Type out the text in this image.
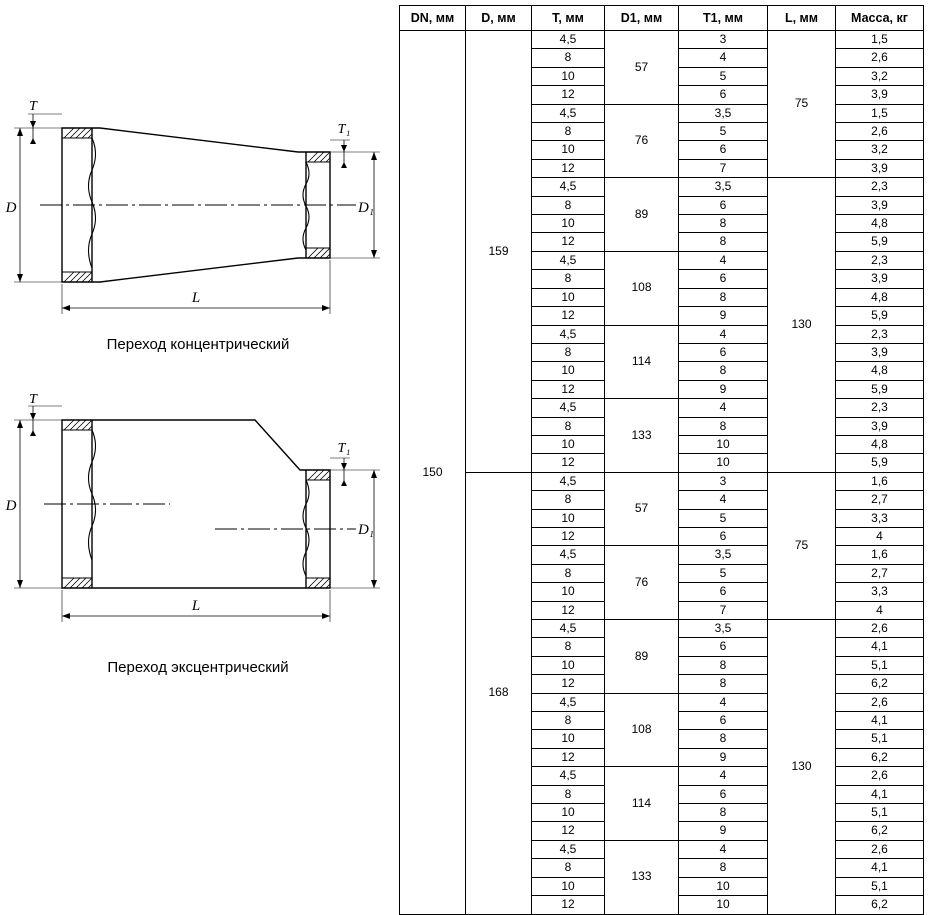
D	D₁
T
T₁
L
Переход концентрический
D
D₁
T
T₁
L
Переход эксцентрический
DN, мм	D, мм	T, мм	D1, мм	T1, мм	L, мм	Масса, кг
150	159	4,5	57	3	75	1,5
		8		4		2,6
		10		5		3,2
		12		6		3,9
		4,5	76	3,5		1,5
		8		5		2,6
		10		6		3,2
		12		7		3,9
		4,5	89	3,5	130	2,3
		8		6		3,9
		10		8		4,8
		12		8		5,9
		4,5	108	4		2,3
		8		6		3,9
		10		8		4,8
		12		9		5,9
		4,5	114	4		2,3
		8		6		3,9
		10		8		4,8
		12		9		5,9
		4,5	133	4		2,3
		8		8		3,9
		10		10		4,8
		12		10		5,9
	168	4,5	57	3	75	1,6
		8		4		2,7
		10		5		3,3
		12		6		4
		4,5	76	3,5		1,6
		8		5		2,7
		10		6		3,3
		12		7		4
		4,5	89	3,5	130	2,6
		8		6		4,1
		10		8		5,1
		12		8		6,2
		4,5	108	4		2,6
		8		6		4,1
		10		8		5,1
		12		9		6,2
		4,5	114	4		2,6
		8		6		4,1
		10		8		5,1
		12		9		6,2
		4,5	133	4		2,6
		8		8		4,1
		10		10		5,1
		12		10		6,2
